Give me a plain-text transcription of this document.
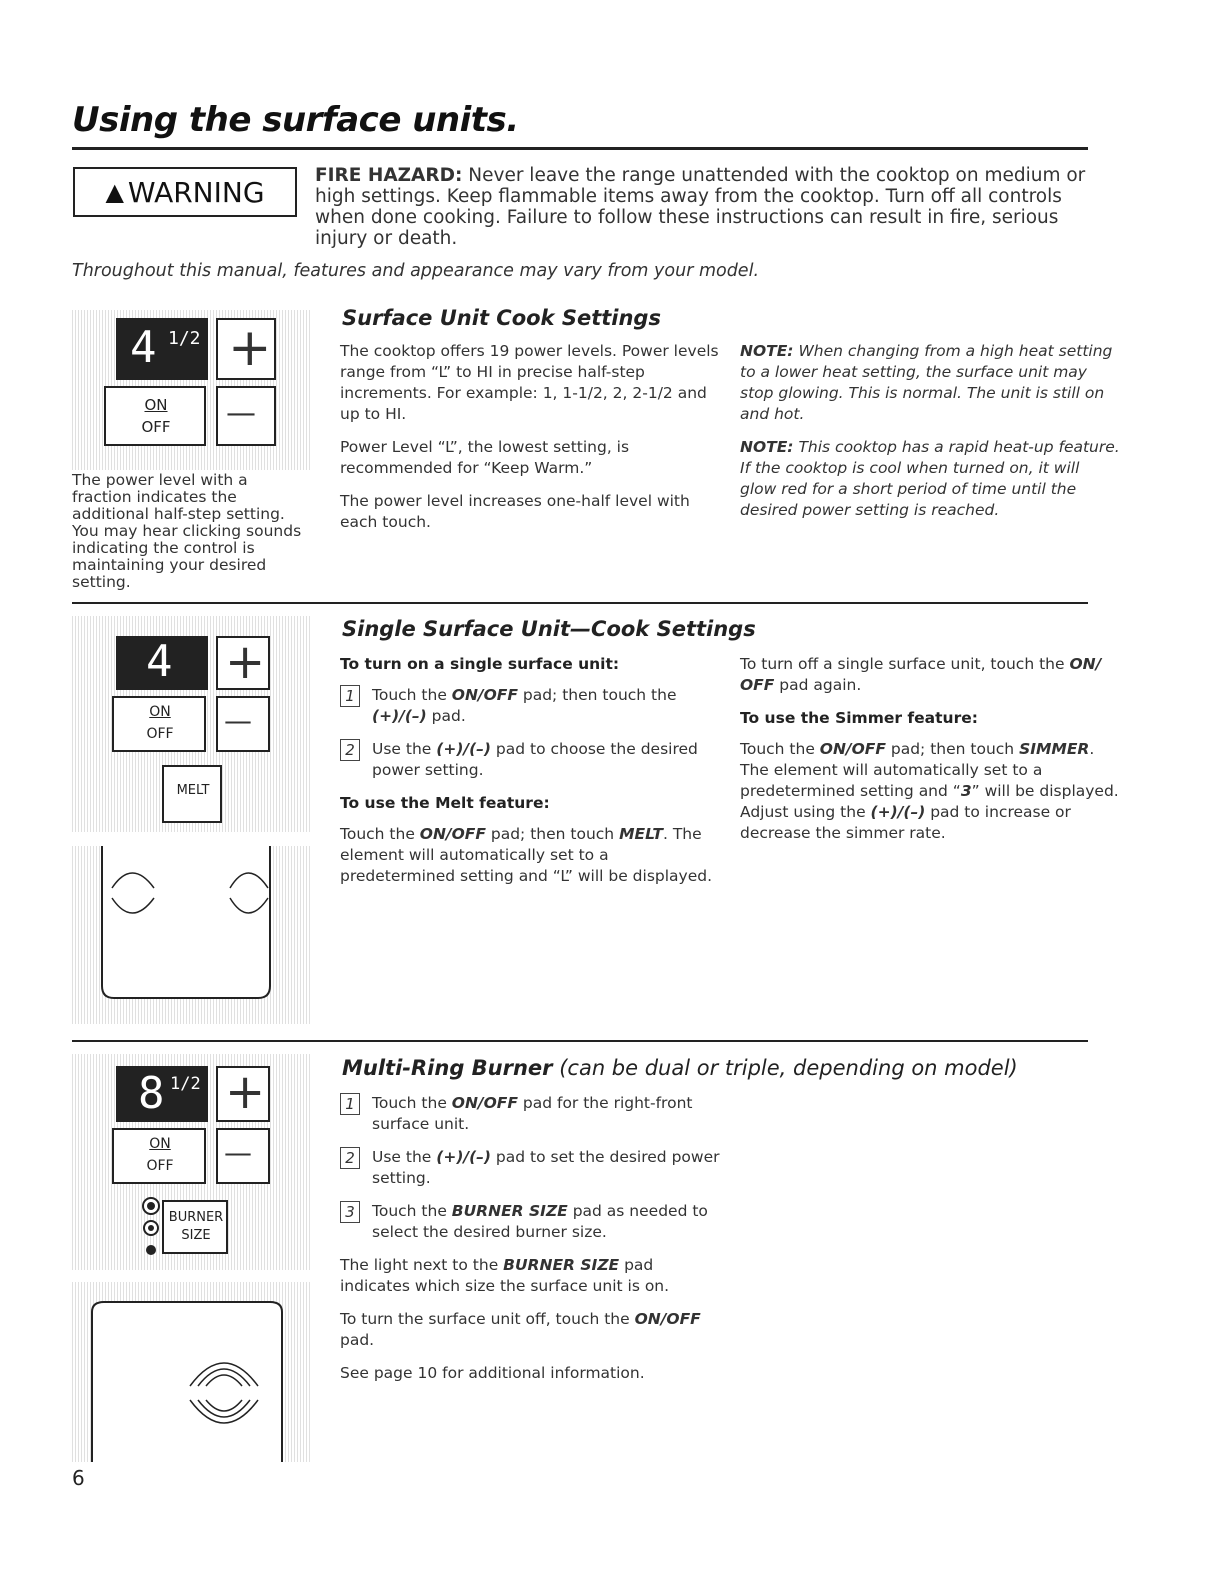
Using the surface units.
▲ WARNING	FIRE HAZARD: Never leave the range unattended with the cooktop on medium or high settings. Keep flammable items away from the cooktop. Turn off all controls when done cooking. Failure to follow these instructions can result in fire, serious injury or death.
Throughout this manual, features and appearance may vary from your model.
4 1/2 +
ON
OFF	—
The power level with a fraction indicates the additional half-step setting. You may hear clicking sounds indicating the control is maintaining your desired setting.
Surface Unit Cook Settings

The cooktop offers 19 power levels. Power levels range from “L” to HI in precise half-step increments. For example: 1, 1-1/2, 2, 2-1/2 and up to HI.

Power Level “L”, the lowest setting, is recommended for “Keep Warm.”

The power level increases one-half level with each touch.

NOTE: When changing from a high heat setting to a lower heat setting, the surface unit may stop glowing. This is normal. The unit is still on and hot.

NOTE: This cooktop has a rapid heat-up feature. If the cooktop is cool when turned on, it will glow red for a short period of time until the desired power setting is reached.

4 +
ON
OFF	—
MELT
Single Surface Unit—Cook Settings
To turn on a single surface unit:
1	Touch the ON/OFF pad; then touch the (+)/(–) pad.
2	Use the (+)/(–) pad to choose the desired power setting.
To use the Melt feature:

Touch the ON/OFF pad; then touch MELT. The element will automatically set to a predetermined setting and “L” will be displayed.

To turn off a single surface unit, touch the ON/ OFF pad again.

To use the Simmer feature:

Touch the ON/OFF pad; then touch SIMMER. The element will automatically set to a predetermined setting and “3” will be displayed. Adjust using the (+)/(–) pad to increase or decrease the simmer rate.

8 1/2 +
ON
OFF	—
BURNER
SIZE
Multi-Ring Burner (can be dual or triple, depending on model)
1	Touch the ON/OFF pad for the right-front surface unit.
2	Use the (+)/(–) pad to set the desired power setting.
3	Touch the BURNER SIZE pad as needed to select the desired burner size.

The light next to the BURNER SIZE pad indicates which size the surface unit is on.

To turn the surface unit off, touch the ON/OFF pad.

See page 10 for additional information.

6
